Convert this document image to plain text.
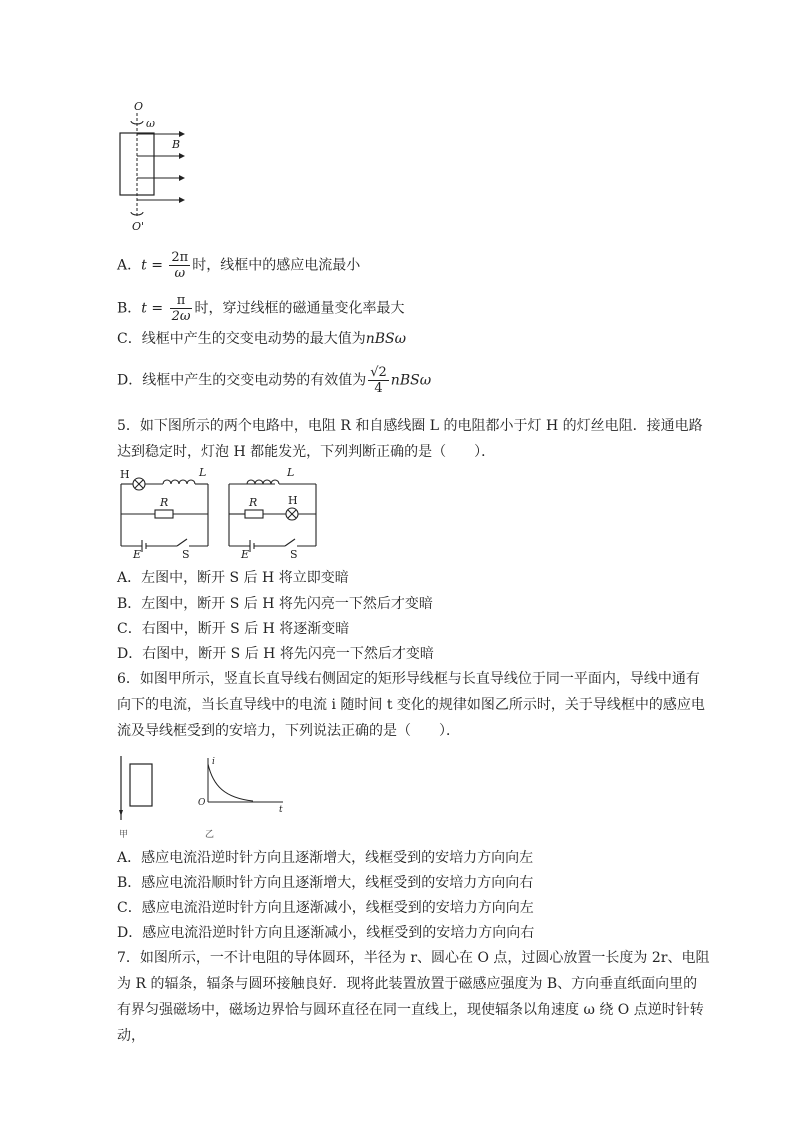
O
ω
B
O'
A．$t = \frac{2\pi}{\omega}$ 时，线框中的感应电流最小
B．$t = \frac{\pi}{2\omega}$ 时，穿过线框的磁通量变化率最大
C．线框中产生的交变电动势的最大值为nBSω
D．线框中产生的交变电动势的有效值为 $\frac{√2}{4}$ nBSω
5．如下图所示的两个电路中，电阻 R 和自感线圈 L 的电阻都小于灯 H 的灯丝电阻．接通电路达到稳定时，灯泡 H 都能发光，下列判断正确的是（　　）．
H	L
R
E	S
L
R	H
E	S
A．左图中，断开 S 后 H 将立即变暗
B．左图中，断开 S 后 H 将先闪亮一下然后才变暗
C．右图中，断开 S 后 H 将逐渐变暗
D．右图中，断开 S 后 H 将先闪亮一下然后才变暗
6．如图甲所示，竖直长直导线右侧固定的矩形导线框与长直导线位于同一平面内，导线中通有向下的电流，当长直导线中的电流 i 随时间 t 变化的规律如图乙所示时，关于导线框中的感应电流及导线框受到的安培力，下列说法正确的是（　　）．
i
O
t
甲	乙
A．感应电流沿逆时针方向且逐渐增大，线框受到的安培力方向向左
B．感应电流沿顺时针方向且逐渐增大，线框受到的安培力方向向右
C．感应电流沿逆时针方向且逐渐减小，线框受到的安培力方向向左
D．感应电流沿逆时针方向且逐渐减小，线框受到的安培力方向向右
7．如图所示，一不计电阻的导体圆环，半径为 r、圆心在 O 点，过圆心放置一长度为 2r、电阻为 R 的辐条，辐条与圆环接触良好．现将此装置放置于磁感应强度为 B、方向垂直纸面向里的有界匀强磁场中，磁场边界恰与圆环直径在同一直线上，现使辐条以角速度 ω 绕 O 点逆时针转动，
